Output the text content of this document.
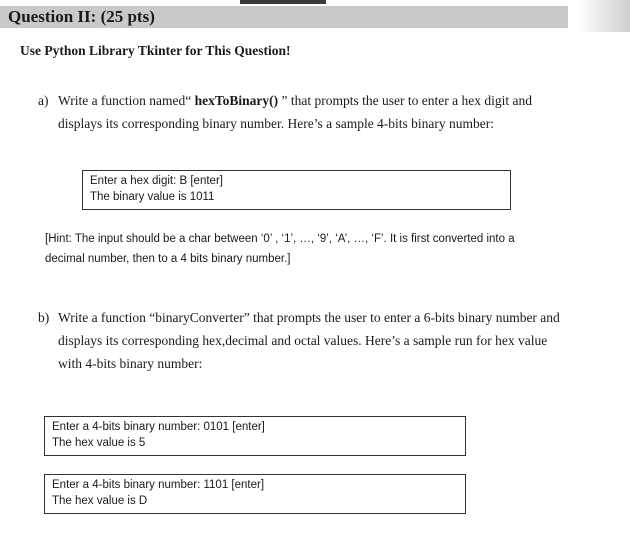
Question II: (25 pts)
Use Python Library Tkinter for This Question!
a) Write a function named“ hexToBinary() ” that prompts the user to enter a hex digit and
displays its corresponding binary number. Here’s a sample 4-bits binary number:
Enter a hex digit: B [enter]
The binary value is 1011
[Hint: The input should be a char between ‘0’ , ‘1’, …, ‘9’, ‘A’, …, ‘F’. It is first converted into a
decimal number, then to a 4 bits binary number.]
b) Write a function “binaryConverter” that prompts the user to enter a 6-bits binary number and
displays its corresponding hex,decimal and octal values. Here’s a sample run for hex value
with 4-bits binary number:
Enter a 4-bits binary number: 0101 [enter]
The hex value is 5
Enter a 4-bits binary number: 1101 [enter]
The hex value is D
